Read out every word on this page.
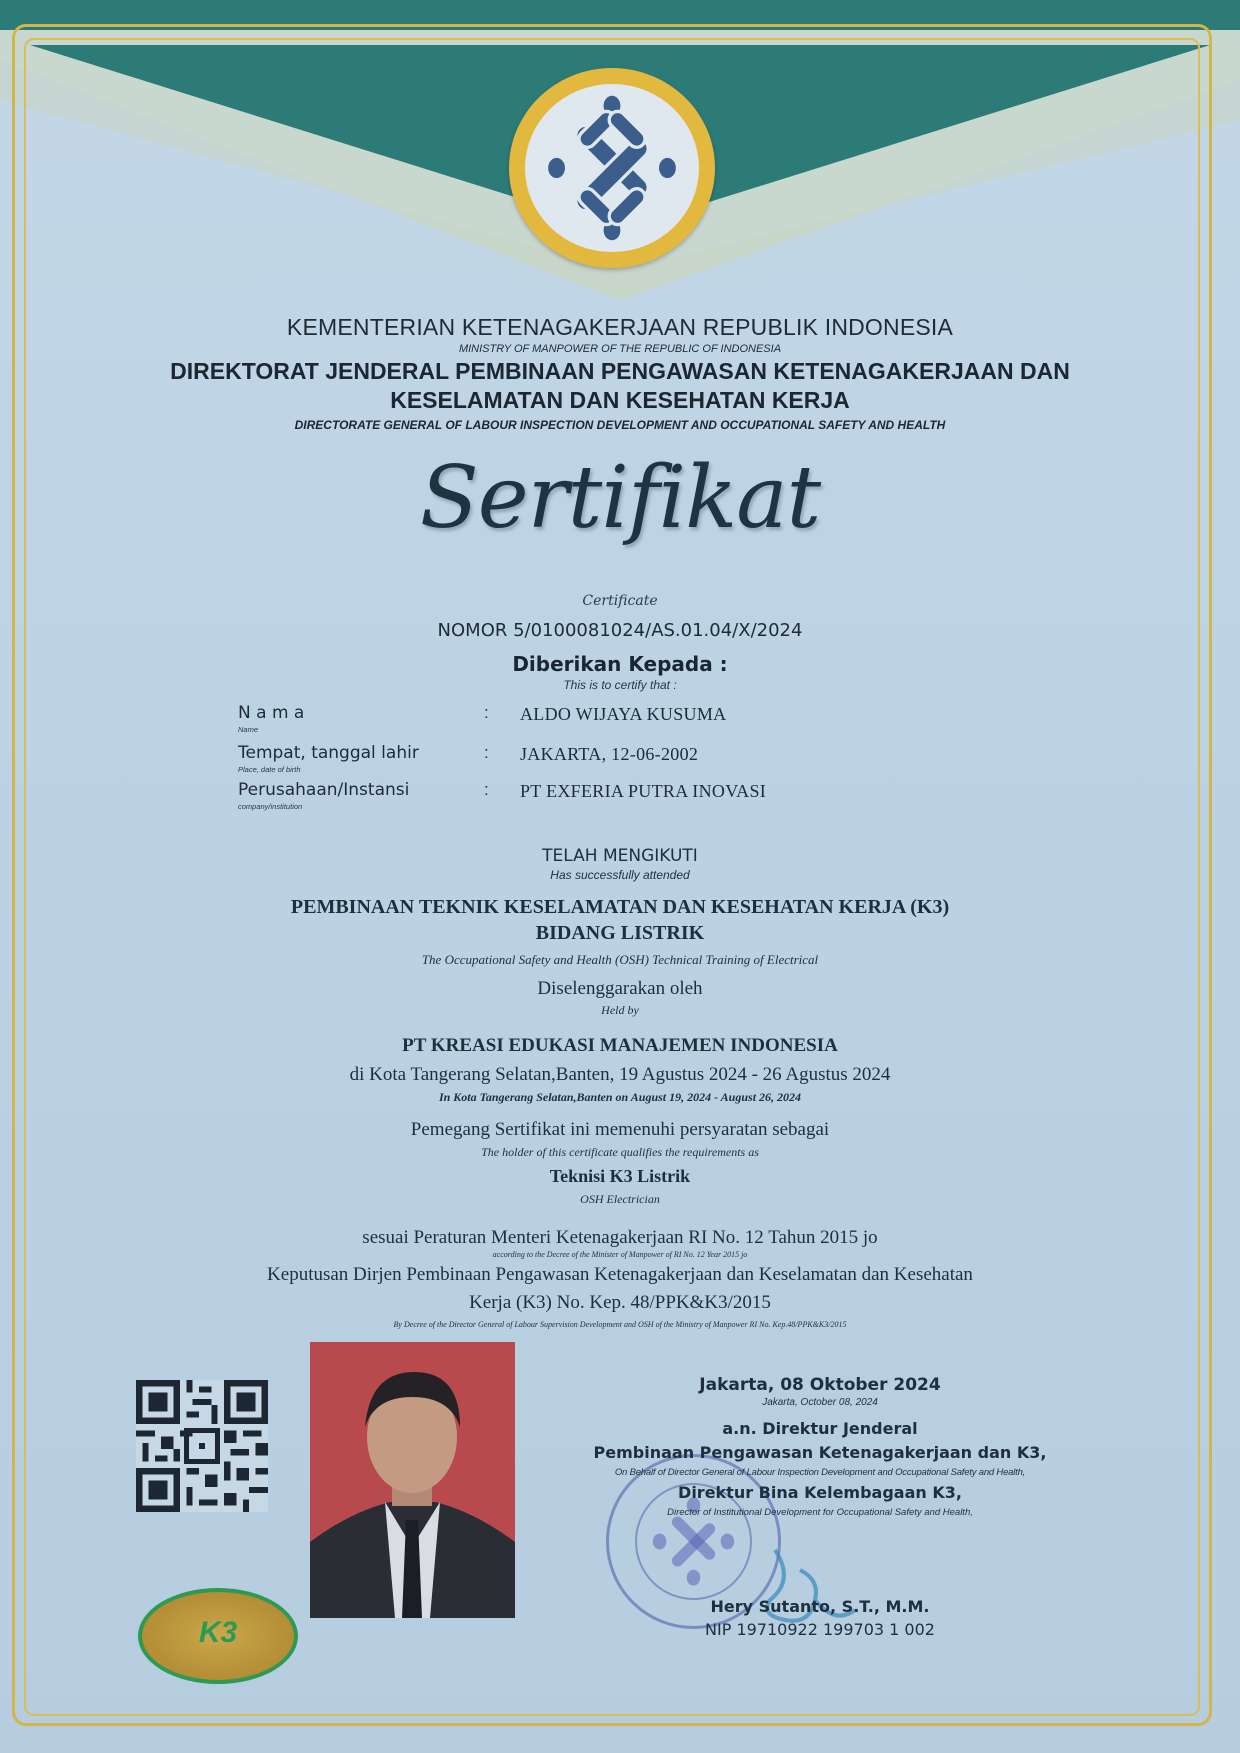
KEMENTERIAN KETENAGAKERJAAN REPUBLIK INDONESIA
MINISTRY OF MANPOWER OF THE REPUBLIC OF INDONESIA
DIREKTORAT JENDERAL PEMBINAAN PENGAWASAN KETENAGAKERJAAN DAN
KESELAMATAN DAN KESEHATAN KERJA
DIRECTORATE GENERAL OF LABOUR INSPECTION DEVELOPMENT AND OCCUPATIONAL SAFETY AND HEALTH
Sertifikat
Certificate
NOMOR 5/0100081024/AS.01.04/X/2024
Diberikan Kepada :
This is to certify that :
N a m a
Name
: ALDO WIJAYA KUSUMA
Tempat, tanggal lahir
Place, date of birth
: JAKARTA, 12-06-2002
Perusahaan/Instansi
company/institution
: PT EXFERIA PUTRA INOVASI
TELAH MENGIKUTI
Has successfully attended
PEMBINAAN TEKNIK KESELAMATAN DAN KESEHATAN KERJA (K3)
BIDANG LISTRIK
The Occupational Safety and Health (OSH) Technical Training of Electrical
Diselenggarakan oleh
Held by
PT KREASI EDUKASI MANAJEMEN INDONESIA
di Kota Tangerang Selatan,Banten, 19 Agustus 2024 - 26 Agustus 2024
In Kota Tangerang Selatan,Banten on August 19, 2024 - August 26, 2024
Pemegang Sertifikat ini memenuhi persyaratan sebagai
The holder of this certificate qualifies the requirements as
Teknisi K3 Listrik
OSH Electrician
sesuai Peraturan Menteri Ketenagakerjaan RI No. 12 Tahun 2015 jo
according to the Decree of the Minister of Manpower of RI No. 12 Year 2015 jo
Keputusan Dirjen Pembinaan Pengawasan Ketenagakerjaan dan Keselamatan dan Kesehatan
Kerja (K3) No. Kep. 48/PPK&K3/2015
By Decree of the Director General of Labour Supervision Development and OSH of the Ministry of Manpower RI No. Kep.48/PPK&K3/2015
K3
Jakarta, 08 Oktober 2024
Jakarta, October 08, 2024
a.n. Direktur Jenderal
Pembinaan Pengawasan Ketenagakerjaan dan K3,
On Behalf of Director General of Labour Inspection Development and Occupational Safety and Health,
Direktur Bina Kelembagaan K3,
Director of Institutional Development for Occupational Safety and Health,
Hery Sutanto, S.T., M.M.
NIP 19710922 199703 1 002
